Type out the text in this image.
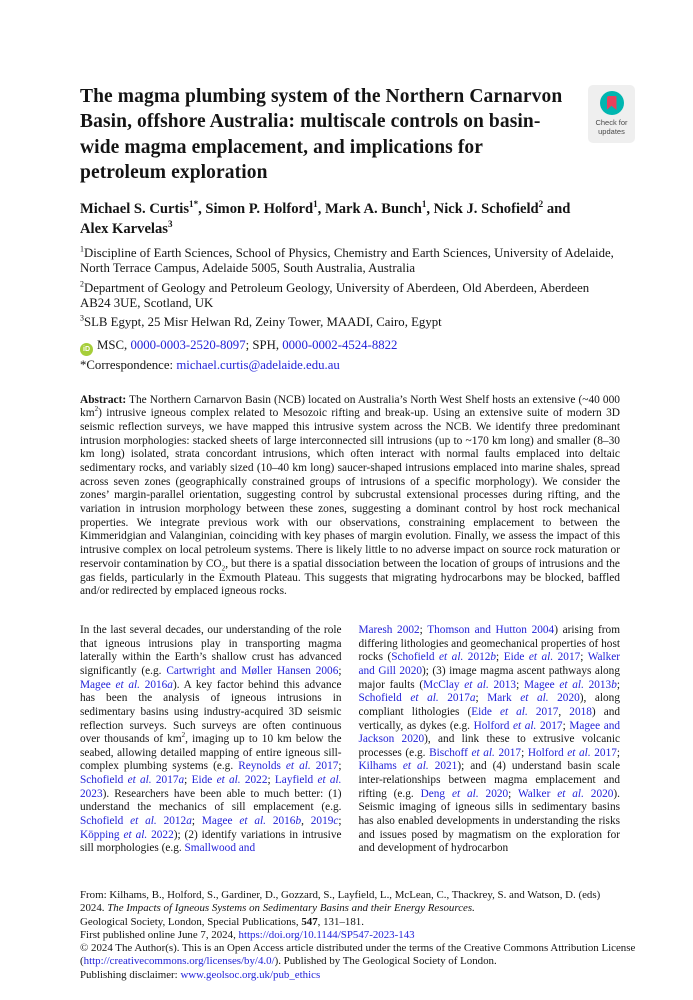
Check for updates
The magma plumbing system of the Northern Carnarvon Basin, offshore Australia: multiscale controls on basin-wide magma emplacement, and implications for petroleum exploration
Michael S. Curtis$^{1*}$, Simon P. Holford$^1$, Mark A. Bunch$^1$, Nick J. Schofield$^2$ and Alex Karvelas$^3$
$^1$Discipline of Earth Sciences, School of Physics, Chemistry and Earth Sciences, University of Adelaide, North Terrace Campus, Adelaide 5005, South Australia, Australia
$^2$Department of Geology and Petroleum Geology, University of Aberdeen, Old Aberdeen, Aberdeen AB24 3UE, Scotland, UK
$^3$SLB Egypt, 25 Misr Helwan Rd, Zeiny Tower, MAADI, Cairo, Egypt
iD MSC, 0000-0003-2520-8097; SPH, 0000-0002-4524-8822
*Correspondence: michael.curtis@adelaide.edu.au
Abstract: The Northern Carnarvon Basin (NCB) located on Australia’s North West Shelf hosts an extensive (~40 000 $km^2$) intrusive igneous complex related to Mesozoic rifting and break-up. Using an extensive suite of modern 3D seismic reflection surveys, we have mapped this intrusive system across the NCB. We identify three predominant intrusion morphologies: stacked sheets of large interconnected sill intrusions (up to ~170 km long) and smaller (8–30 km long) isolated, strata concordant intrusions, which often interact with normal faults emplaced into deltaic sedimentary rocks, and variably sized (10–40 km long) saucer-shaped intrusions emplaced into marine shales, spread across seven zones (geographically constrained groups of intrusions of a specific morphology). We consider the zones’ margin-parallel orientation, suggesting control by subcrustal extensional processes during rifting, and the variation in intrusion morphology between these zones, suggesting a dominant control by host rock mechanical properties. We integrate previous work with our observations, constraining emplacement to between the Kimmeridgian and Valanginian, coinciding with key phases of margin evolution. Finally, we assess the impact of this intrusive complex on local petroleum systems. There is likely little to no adverse impact on source rock maturation or reservoir contamination by $CO_2$, but there is a spatial dissociation between the location of groups of intrusions and the gas fields, particularly in the Exmouth Plateau. This suggests that migrating hydrocarbons may be blocked, baffled and/or redirected by emplaced igneous rocks.
In the last several decades, our understanding of the role that igneous intrusions play in transporting magma laterally within the Earth’s shallow crust has advanced significantly (e.g. Cartwright and Møller Hansen 2006; Magee et al. 2016a). A key factor behind this advance has been the analysis of igneous intrusions in sedimentary basins using industry-acquired 3D seismic reflection surveys. Such surveys are often continuous over thousands of $km^2$, imaging up to 10 km below the seabed, allowing detailed mapping of entire igneous sill-complex plumbing systems (e.g. Reynolds et al. 2017; Schofield et al. 2017a; Eide et al. 2022; Layfield et al. 2023). Researchers have been able to much better: (1) understand the mechanics of sill emplacement (e.g. Schofield et al. 2012a; Magee et al. 2016b, 2019c; Köpping et al. 2022); (2) identify variations in intrusive sill morphologies (e.g. Smallwood and
Maresh 2002; Thomson and Hutton 2004) arising from differing lithologies and geomechanical properties of host rocks (Schofield et al. 2012b; Eide et al. 2017; Walker and Gill 2020); (3) image magma ascent pathways along major faults (McClay et al. 2013; Magee et al. 2013b; Schofield et al. 2017a; Mark et al. 2020), along compliant lithologies (Eide et al. 2017, 2018) and vertically, as dykes (e.g. Holford et al. 2017; Magee and Jackson 2020), and link these to extrusive volcanic processes (e.g. Bischoff et al. 2017; Holford et al. 2017; Kilhams et al. 2021); and (4) understand basin scale inter-relationships between magma emplacement and rifting (e.g. Deng et al. 2020; Walker et al. 2020). Seismic imaging of igneous sills in sedimentary basins has also enabled developments in understanding the risks and issues posed by magmatism on the exploration for and development of hydrocarbon

From: Kilhams, B., Holford, S., Gardiner, D., Gozzard, S., Layfield, L., McLean, C., Thackrey, S. and Watson, D. (eds)

2024. The Impacts of Igneous Systems on Sedimentary Basins and their Energy Resources.

Geological Society, London, Special Publications, 547, 131–181.

First published online June 7, 2024, https://doi.org/10.1144/SP547-2023-143

© 2024 The Author(s). This is an Open Access article distributed under the terms of the Creative Commons Attribution License (http://creativecommons.org/licenses/by/4.0/). Published by The Geological Society of London.

Publishing disclaimer: www.geolsoc.org.uk/pub_ethics
